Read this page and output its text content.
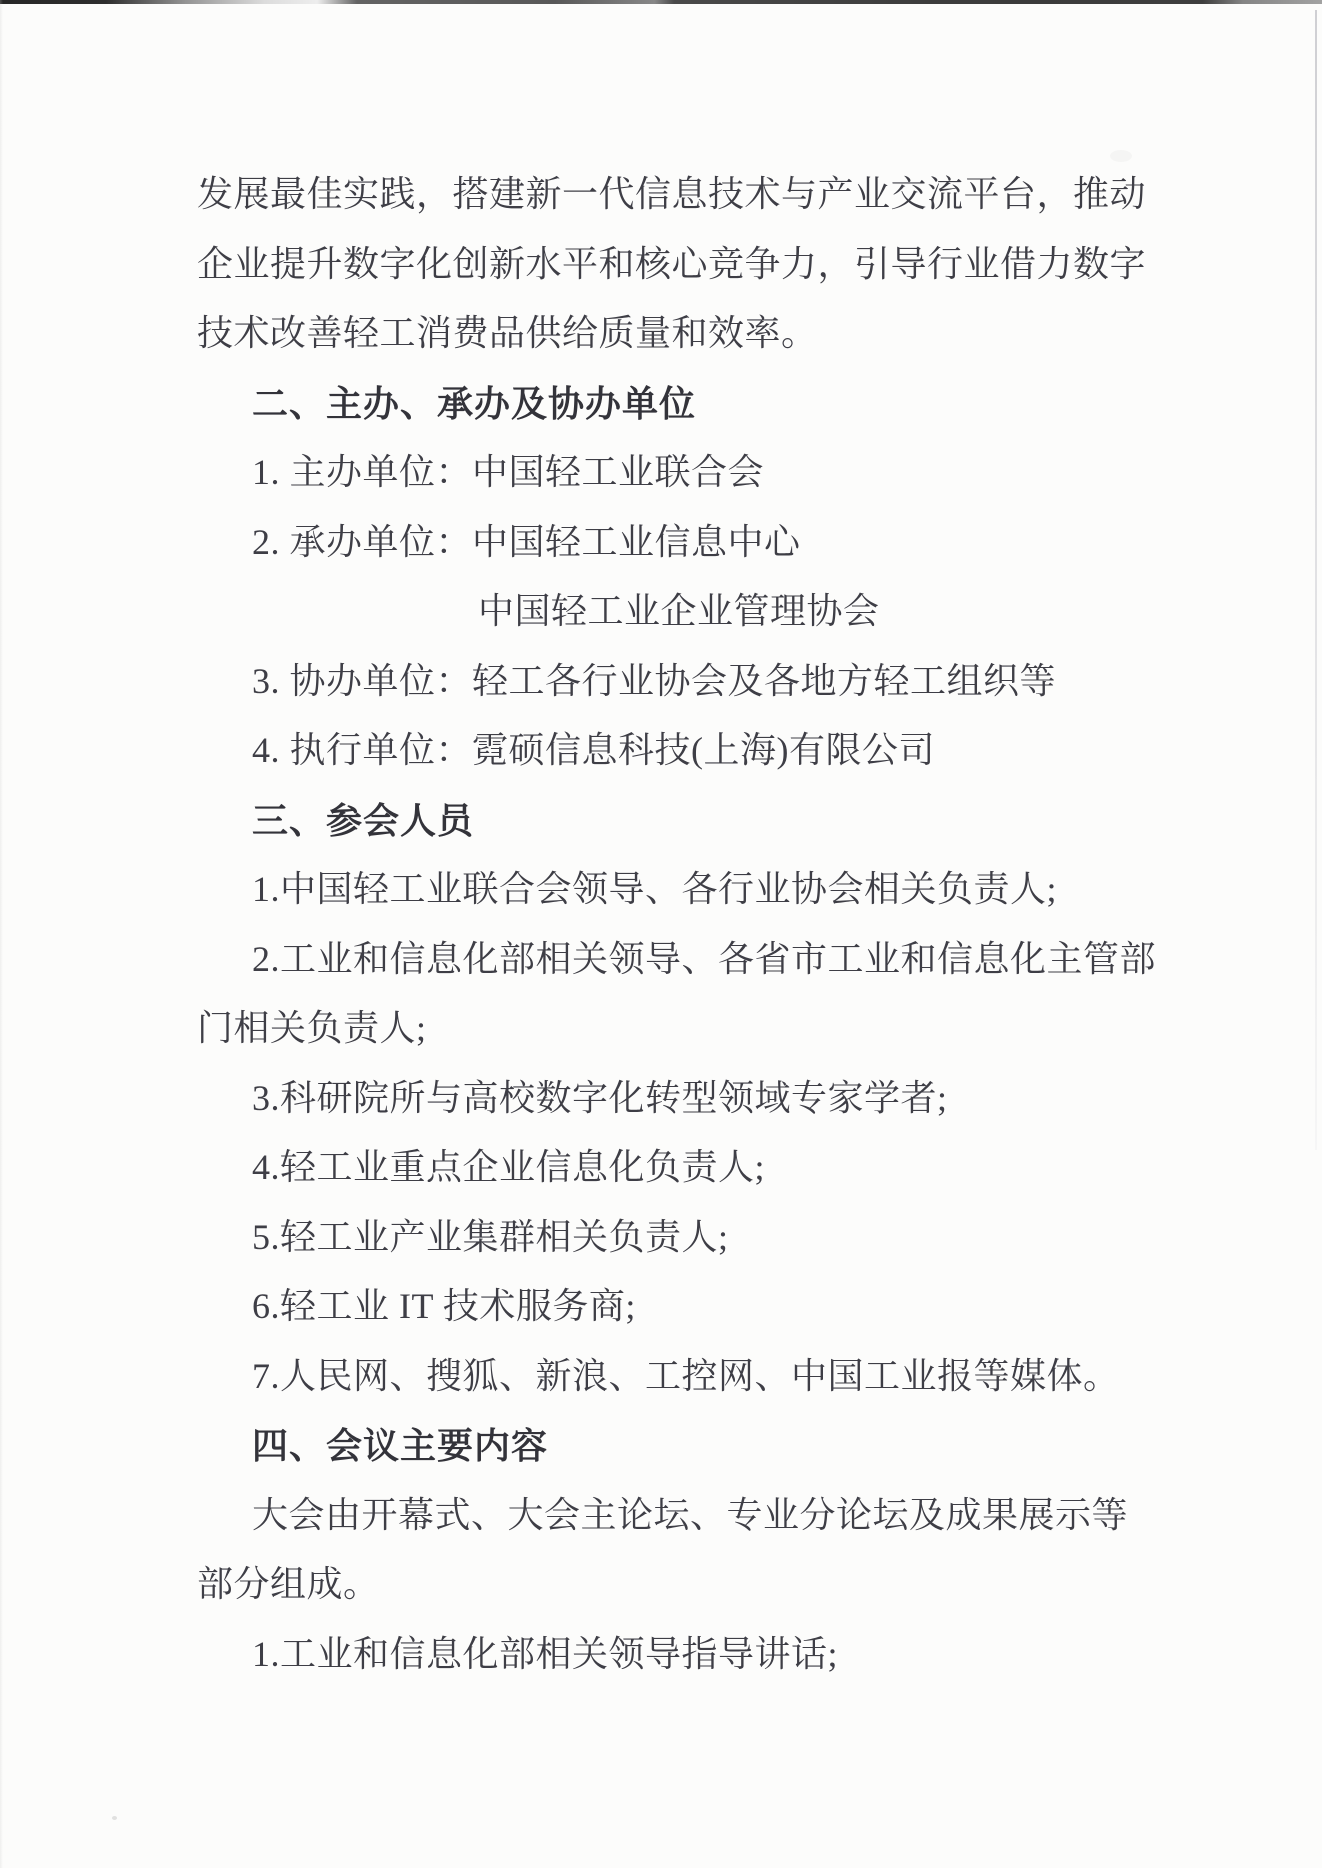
发展最佳实践，搭建新一代信息技术与产业交流平台，推动
企业提升数字化创新水平和核心竞争力，引导行业借力数字
技术改善轻工消费品供给质量和效率。
二、主办、承办及协办单位
1. 主办单位：中国轻工业联合会
2. 承办单位：中国轻工业信息中心
中国轻工业企业管理协会
3. 协办单位：轻工各行业协会及各地方轻工组织等
4. 执行单位：霓硕信息科技(上海)有限公司
三、参会人员
1.中国轻工业联合会领导、各行业协会相关负责人;
2.工业和信息化部相关领导、各省市工业和信息化主管部
门相关负责人;
3.科研院所与高校数字化转型领域专家学者;
4.轻工业重点企业信息化负责人;
5.轻工业产业集群相关负责人;
6.轻工业 IT 技术服务商;
7.人民网、搜狐、新浪、工控网、中国工业报等媒体。
四、会议主要内容
大会由开幕式、大会主论坛、专业分论坛及成果展示等
部分组成。
1.工业和信息化部相关领导指导讲话;
